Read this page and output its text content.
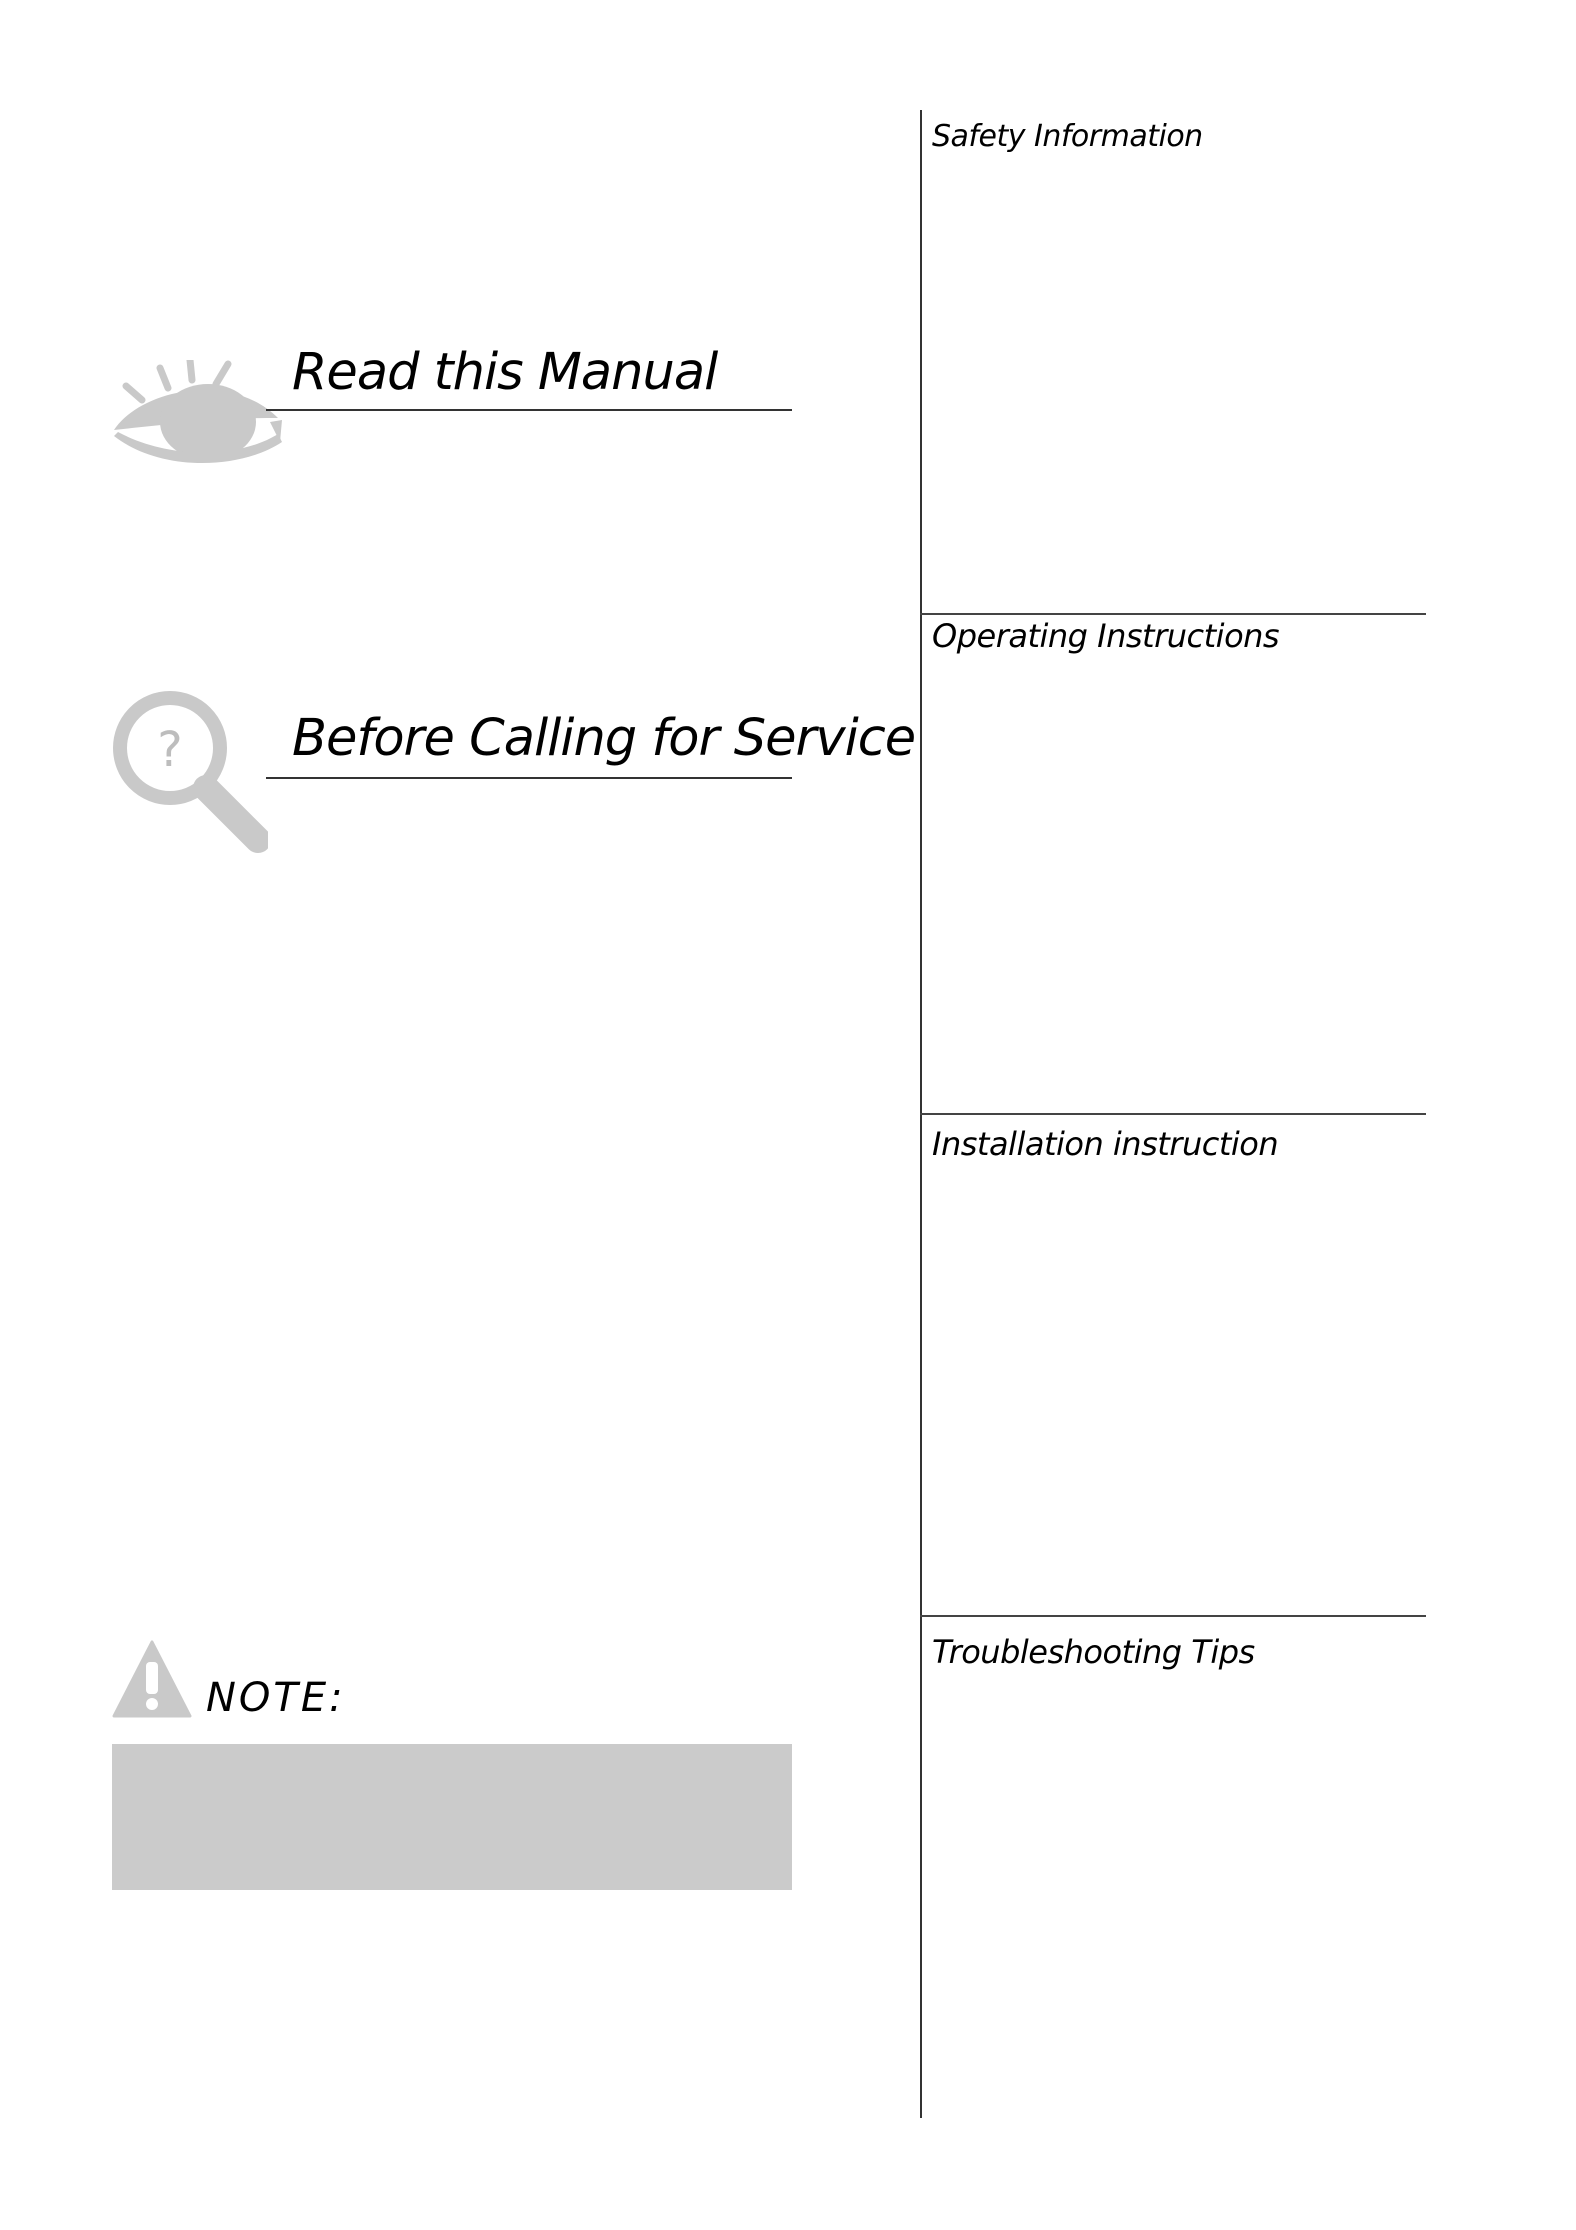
Read this Manual
? Before Calling for Service

NOTE:

Safety Information
Operating Instructions
Installation instruction
Troubleshooting Tips
